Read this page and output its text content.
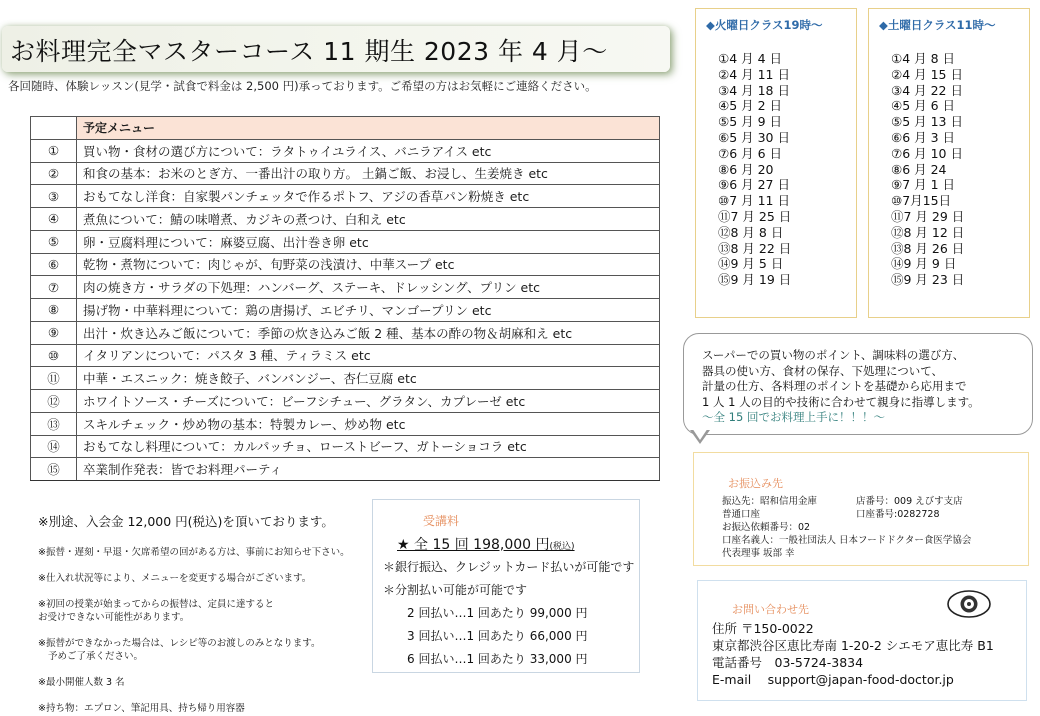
お料理完全マスターコース 11 期生 2023 年 4 月〜

各回随時、体験レッスン(見学・試食で料金は 2,500 円)承っております。ご希望の方はお気軽にご連絡ください。

	予定メニュー
①	買い物・食材の選び方について：ラタトゥイユライス、バニラアイス etc
②	和食の基本：お米のとぎ方、一番出汁の取り方。 土鍋ご飯、お浸し、生姜焼き etc
③	おもてなし洋食：自家製パンチェッタで作るポトフ、アジの香草パン粉焼き etc
④	煮魚について：鯖の味噌煮、カジキの煮つけ、白和え etc
⑤	卵・豆腐料理について：麻婆豆腐、出汁巻き卵 etc
⑥	乾物・煮物について：肉じゃが、旬野菜の浅漬け、中華スープ etc
⑦	肉の焼き方・サラダの下処理：ハンバーグ、ステーキ、ドレッシング、プリン etc
⑧	揚げ物・中華料理について：鶏の唐揚げ、エビチリ、マンゴープリン etc
⑨	出汁・炊き込みご飯について：季節の炊き込みご飯 2 種、基本の酢の物＆胡麻和え etc
⑩	イタリアンについて：パスタ 3 種、ティラミス etc
⑪	中華・エスニック：焼き餃子、バンバンジー、杏仁豆腐 etc
⑫	ホワイトソース・チーズについて：ビーフシチュー、グラタン、カプレーゼ etc
⑬	スキルチェック・炒め物の基本：特製カレー、炒め物 etc
⑭	おもてなし料理について：カルパッチョ、ローストビーフ、ガトーショコラ etc
⑮	卒業制作発表：皆でお料理パーティ
◆火曜日クラス19時〜
①4 月 4 日
②4 月 11 日
③4 月 18 日
④5 月 2 日
⑤5 月 9 日
⑥5 月 30 日
⑦6 月 6 日
⑧6 月 20
⑨6 月 27 日
⑩7 月 11 日
⑪7 月 25 日
⑫8 月 8 日
⑬8 月 22 日
⑭9 月 5 日
⑮9 月 19 日
◆土曜日クラス11時〜
①4 月 8 日
②4 月 15 日
③4 月 22 日
④5 月 6 日
⑤5 月 13 日
⑥6 月 3 日
⑦6 月 10 日
⑧6 月 24
⑨7 月 1 日
⑩7月15日
⑪7 月 29 日
⑫8 月 12 日
⑬8 月 26 日
⑭9 月 9 日
⑮9 月 23 日

スーパーでの買い物のポイント、調味料の選び方、

器具の使い方、食材の保存、下処理について、

計量の仕方、各料理のポイントを基礎から応用まで

1 人 1 人の目的や技術に合わせて親身に指導します。

〜全 15 回でお料理上手に！！！〜

お振込み先
振込先：昭和信用金庫	店番号：009 えびす支店
普通口座	口座番号:0282728
お振込依頼番号：02
口座名義人：一般社団法人 日本フードドクター食医学協会
代表理事 坂部 幸
お問い合わせ先
住所 〒150-0022
東京都渋谷区恵比寿南 1-20-2 シエモア恵比寿 B1
電話番号　03-5724-3834
E-mail　 support@japan-food-doctor.jp
※別途、入会金 12,000 円(税込)を頂いております。
※振替・遅刻・早退・欠席希望の回がある方は、事前にお知らせ下さい。
※仕入れ状況等により、メニューを変更する場合がございます。
※初回の授業が始まってからの振替は、定員に達すると
お受けできない可能性があります。
※振替ができなかった場合は、レシピ等のお渡しのみとなります。
予めご了承ください。
※最小開催人数 3 名
※持ち物：エプロン、筆記用具、持ち帰り用容器
受講料
★ 全 15 回 198,000 円(税込)
＊銀行振込、クレジットカード払いが可能です
＊分割払い可能が可能です
2 回払い…1 回あたり 99,000 円
3 回払い…1 回あたり 66,000 円
6 回払い…1 回あたり 33,000 円
